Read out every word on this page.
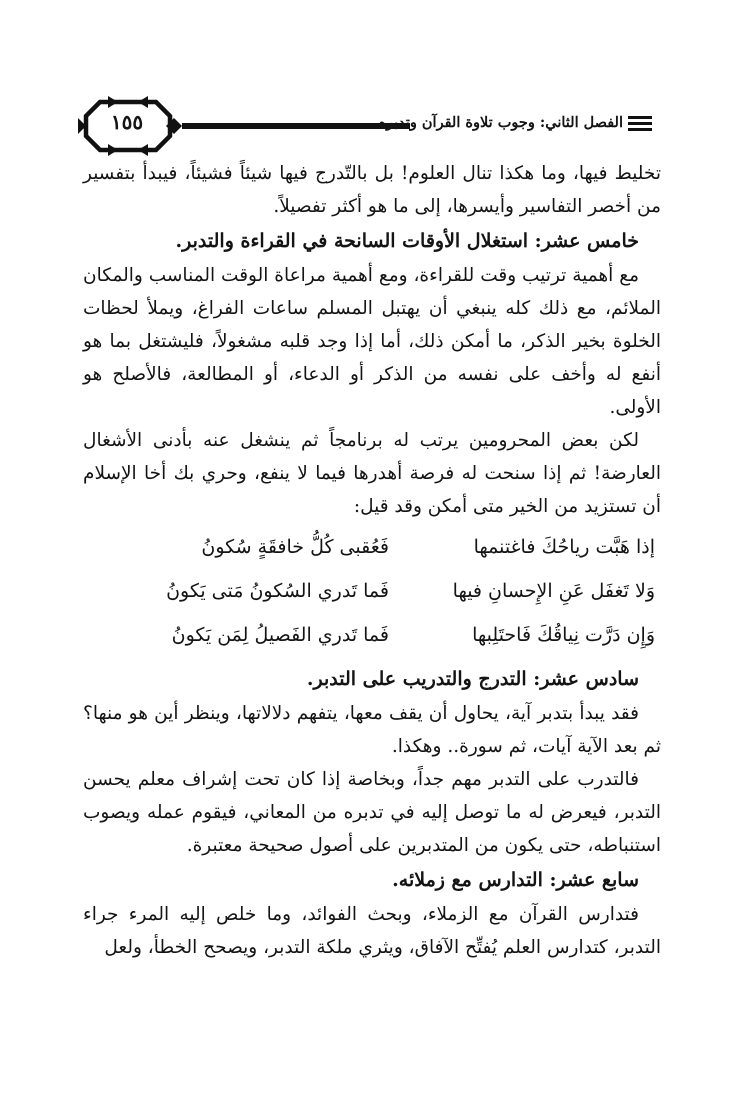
١٥٥	الفصل الثاني: وجوب تلاوة القرآن وتدبره

تخليط فيها، وما هكذا تنال العلوم! بل بالتّدرج فيها شيئاً فشيئاً، فيبدأ بتفسير من أخصر التفاسير وأيسرها، إلى ما هو أكثر تفصيلاً.

خامس عشر: استغلال الأوقات السانحة في القراءة والتدبر.

مع أهمية ترتيب وقت للقراءة، ومع أهمية مراعاة الوقت المناسب والمكان الملائم، مع ذلك كله ينبغي أن يهتبل المسلم ساعات الفراغ، ويملأ لحظات الخلوة بخير الذكر، ما أمكن ذلك، أما إذا وجد قلبه مشغولاً، فليشتغل بما هو أنفع له وأخف على نفسه من الذكر أو الدعاء، أو المطالعة، فالأصلح هو الأولى.

لكن بعض المحرومين يرتب له برنامجاً ثم ينشغل عنه بأدنى الأشغال العارضة! ثم إذا سنحت له فرصة أهدرها فيما لا ينفع، وحري بك أخا الإسلام أن تستزيد من الخير متى أمكن وقد قيل:

إذا هَبَّت رياحُكَ فاغتنمها
فَعُقبى كُلُّ خافقَةٍ سُكونُ
وَلا تَغفَل عَنِ الإِحسانِ فيها
فَما تَدري السُكونُ مَتى يَكونُ
وَإِن دَرَّت نِياقُكَ فَاحتَلِبها
فَما تَدري الفَصيلُ لِمَن يَكونُ
سادس عشر: التدرج والتدريب على التدبر.

فقد يبدأ بتدبر آية، يحاول أن يقف معها، يتفهم دلالاتها، وينظر أين هو منها؟ ثم بعد الآية آيات، ثم سورة.. وهكذا.

فالتدرب على التدبر مهم جداً، وبخاصة إذا كان تحت إشراف معلم يحسن التدبر، فيعرض له ما توصل إليه في تدبره من المعاني، فيقوم عمله ويصوب استنباطه، حتى يكون من المتدبرين على أصول صحيحة معتبرة.

سابع عشر: التدارس مع زملائه.

فتدارس القرآن مع الزملاء، وبحث الفوائد، وما خلص إليه المرء جراء التدبر، كتدارس العلم يُفتِّح الآفاق، ويثري ملكة التدبر، ويصحح الخطأ، ولعل
